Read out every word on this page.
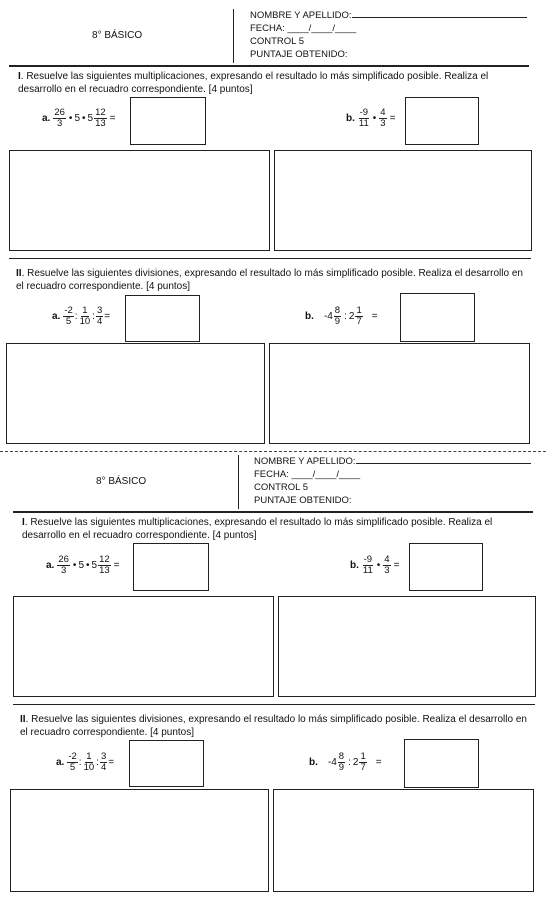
8° BÁSICO
NOMBRE Y APELLIDO:
FECHA: ____/____/____
CONTROL 5
PUNTAJE OBTENIDO:
I. Resuelve las siguientes multiplicaciones, expresando el resultado lo más simplificado posible. Realiza el desarrollo en el recuadro correspondiente. [4 puntos]
a. $\frac{26}{3}$ • 5 • $5 \frac{12}{13}$ =	b. $\frac{-9}{11}$ • $\frac{4}{3}$ =
II. Resuelve las siguientes divisiones, expresando el resultado lo más simplificado posible. Realiza el desarrollo en el recuadro correspondiente. [4 puntos]
a. $\frac{-2}{5}$ : $\frac{1}{10}$ : $\frac{3}{4}$ =	b. $-4 \frac{8}{9}$ : $2 \frac{1}{7}$ =
8° BÁSICO
NOMBRE Y APELLIDO:
FECHA: ____/____/____
CONTROL 5
PUNTAJE OBTENIDO:
I. Resuelve las siguientes multiplicaciones, expresando el resultado lo más simplificado posible. Realiza el desarrollo en el recuadro correspondiente. [4 puntos]
a. $\frac{26}{3}$ • 5 • $5 \frac{12}{13}$ =	b. $\frac{-9}{11}$ • $\frac{4}{3}$ =
II. Resuelve las siguientes divisiones, expresando el resultado lo más simplificado posible. Realiza el desarrollo en el recuadro correspondiente. [4 puntos]
a. $\frac{-2}{5}$ : $\frac{1}{10}$ : $\frac{3}{4}$ =	b. $-4 \frac{8}{9}$ : $2 \frac{1}{7}$ =
